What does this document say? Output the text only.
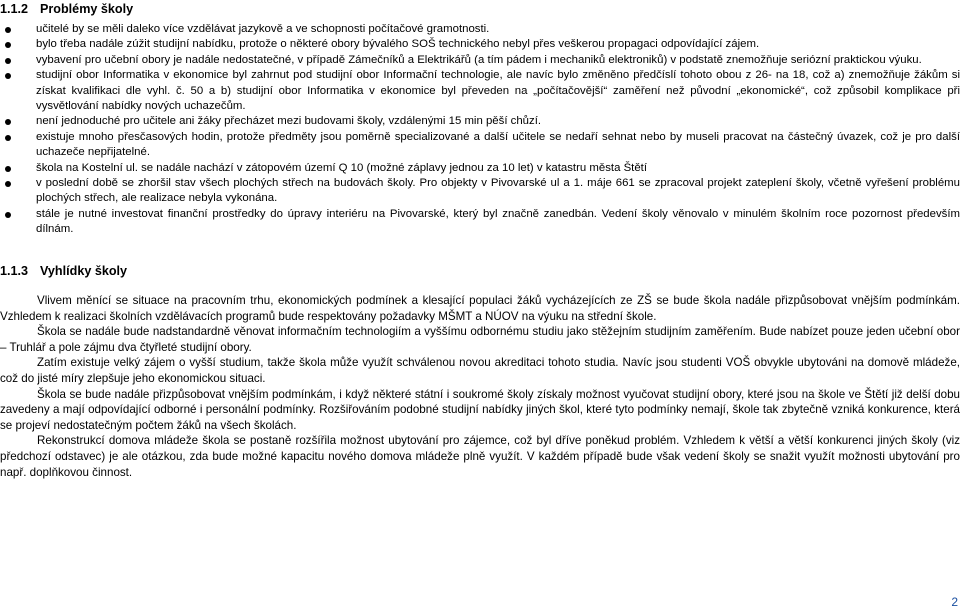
1.1.2 Problémy školy
učitelé by se měli daleko více vzdělávat jazykově a ve schopnosti počítačové gramotnosti.
bylo třeba nadále zúžit studijní nabídku, protože o některé obory bývalého SOŠ technického nebyl přes veškerou propagaci odpovídající zájem.
vybavení pro učební obory je nadále nedostatečné, v případě Zámečníků a Elektrikářů (a tím pádem i mechaniků elektroniků) v podstatě znemožňuje seriózní praktickou výuku.
studijní obor Informatika v ekonomice byl zahrnut pod studijní obor Informační technologie, ale navíc bylo změněno předčíslí tohoto obou z 26- na 18, což a) znemožňuje žákům si získat kvalifikaci dle vyhl. č. 50 a b) studijní obor Informatika v ekonomice byl převeden na „počítačovější“ zaměření než původní „ekonomické“, což způsobil komplikace při vysvětlování nabídky nových uchazečům.
není jednoduché pro učitele ani žáky přecházet mezi budovami školy, vzdálenými 15 min pěší chůzí.
existuje mnoho přesčasových hodin, protože předměty jsou poměrně specializované a další učitele se nedaří sehnat nebo by museli pracovat na částečný úvazek, což je pro další uchazeče nepřijatelné.
škola na Kostelní ul. se nadále nachází v zátopovém území Q 10 (možné záplavy jednou za 10 let) v katastru města Štětí
v poslední době se zhoršil stav všech plochých střech na budovách školy. Pro objekty v Pivovarské ul a 1. máje 661 se zpracoval projekt zateplení školy, včetně vyřešení problému plochých střech, ale realizace nebyla vykonána.
stále je nutné investovat finanční prostředky do úpravy interiéru na Pivovarské, který byl značně zanedbán. Vedení školy věnovalo v minulém školním roce pozornost především dílnám.
1.1.3 Vyhlídky školy

Vlivem měnící se situace na pracovním trhu, ekonomických podmínek a klesající populaci žáků vycházejících ze ZŠ se bude škola nadále přizpůsobovat vnějším podmínkám. Vzhledem k realizaci školních vzdělávacích programů bude respektovány požadavky MŠMT a NÚOV na výuku na střední škole.

Škola se nadále bude nadstandardně věnovat informačním technologiím a vyššímu odbornému studiu jako stěžejním studijním zaměřením. Bude nabízet pouze jeden učební obor – Truhlář a pole zájmu dva čtyřleté studijní obory.

Zatím existuje velký zájem o vyšší studium, takže škola může využít schválenou novou akreditaci tohoto studia. Navíc jsou studenti VOŠ obvykle ubytováni na domově mládeže, což do jisté míry zlepšuje jeho ekonomickou situaci.

Škola se bude nadále přizpůsobovat vnějším podmínkám, i když některé státní i soukromé školy získaly možnost vyučovat studijní obory, které jsou na škole ve Štětí již delší dobu zavedeny a mají odpovídající odborné i personální podmínky. Rozšiřováním podobné studijní nabídky jiných škol, které tyto podmínky nemají, škole tak zbytečně vzniká konkurence, která se projeví nedostatečným počtem žáků na všech školách.

Rekonstrukcí domova mládeže škola se postaně rozšířila možnost ubytování pro zájemce, což byl dříve poněkud problém. Vzhledem k větší a větší konkurenci jiných školy (viz předchozí odstavec) je ale otázkou, zda bude možné kapacitu nového domova mládeže plně využít. V každém případě bude však vedení školy se snažit využít možnosti ubytování pro např. doplňkovou činnost.

2
